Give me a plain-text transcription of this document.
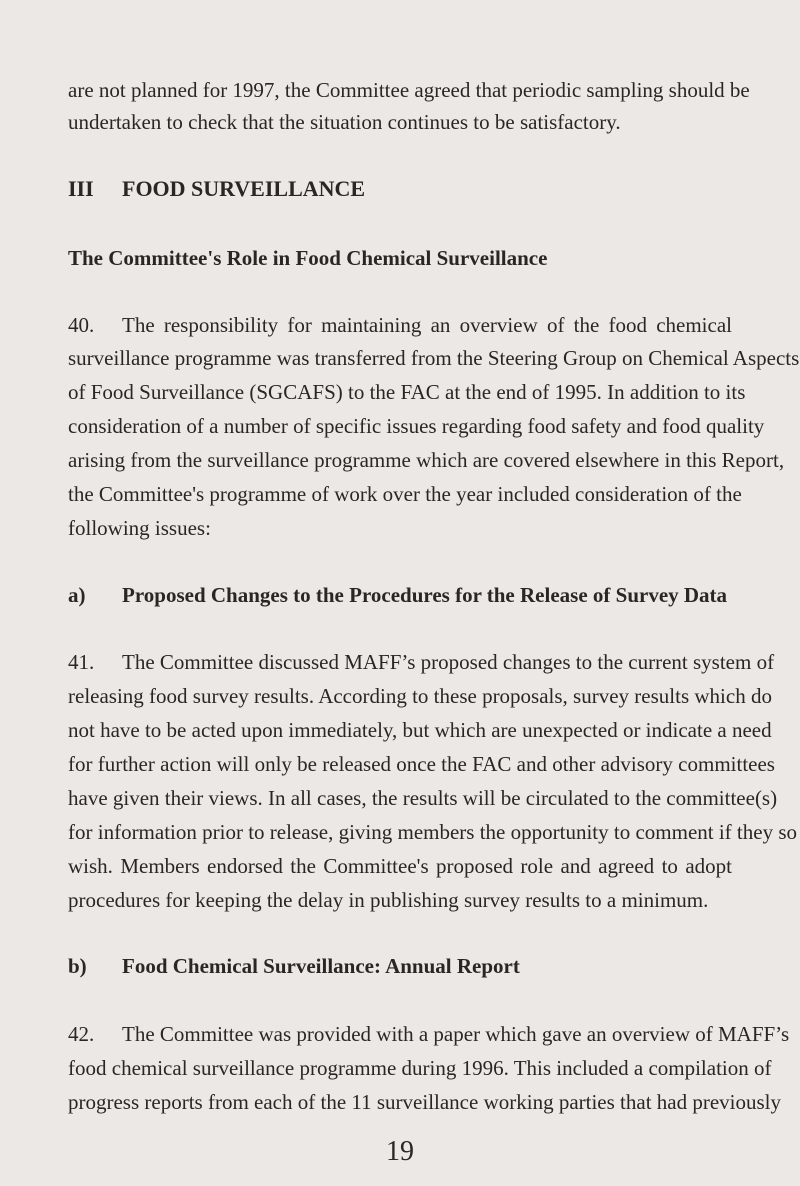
are not planned for 1997, the Committee agreed that periodic sampling should be
undertaken to check that the situation continues to be satisfactory.
III FOOD SURVEILLANCE
The Committee's Role in Food Chemical Surveillance
40. The responsibility for maintaining an overview of the food chemical
surveillance programme was transferred from the Steering Group on Chemical Aspects
of Food Surveillance (SGCAFS) to the FAC at the end of 1995. In addition to its
consideration of a number of specific issues regarding food safety and food quality
arising from the surveillance programme which are covered elsewhere in this Report,
the Committee's programme of work over the year included consideration of the
following issues:
a) Proposed Changes to the Procedures for the Release of Survey Data
41. The Committee discussed MAFF’s proposed changes to the current system of
releasing food survey results. According to these proposals, survey results which do
not have to be acted upon immediately, but which are unexpected or indicate a need
for further action will only be released once the FAC and other advisory committees
have given their views. In all cases, the results will be circulated to the committee(s)
for information prior to release, giving members the opportunity to comment if they so
wish. Members endorsed the Committee's proposed role and agreed to adopt
procedures for keeping the delay in publishing survey results to a minimum.
b) Food Chemical Surveillance: Annual Report
42. The Committee was provided with a paper which gave an overview of MAFF’s
food chemical surveillance programme during 1996. This included a compilation of
progress reports from each of the 11 surveillance working parties that had previously
19
